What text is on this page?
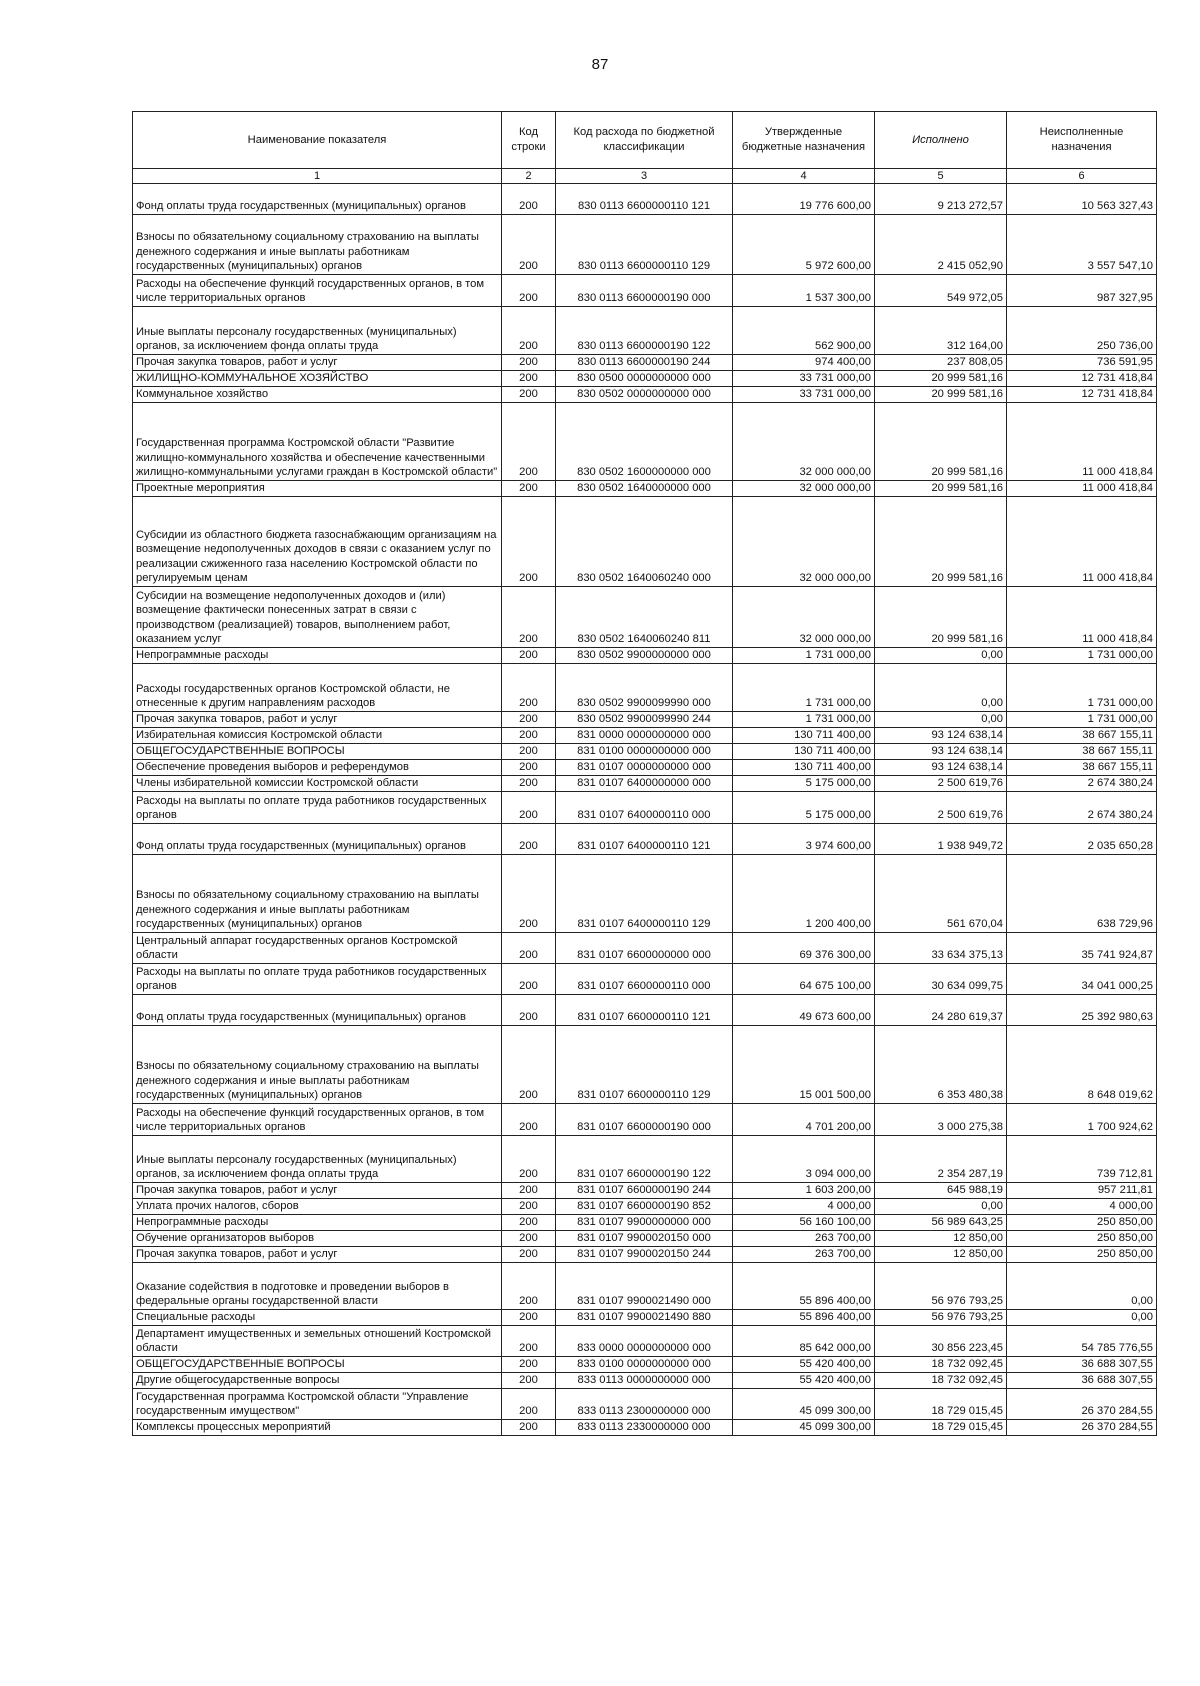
87
Наименование показателя	Код строки	Код расхода по бюджетной классификации	Утвержденные бюджетные назначения	Исполнено	Неисполненные назначения
1	2	3	4	5	6
Фонд оплаты труда государственных (муниципальных) органов	200	830 0113 6600000110 121	19 776 600,00	9 213 272,57	10 563 327,43
Взносы по обязательному социальному страхованию на выплаты денежного содержания и иные выплаты работникам государственных (муниципальных) органов	200	830 0113 6600000110 129	5 972 600,00	2 415 052,90	3 557 547,10
Расходы на обеспечение функций государственных органов, в том числе территориальных органов	200	830 0113 6600000190 000	1 537 300,00	549 972,05	987 327,95
Иные выплаты персоналу государственных (муниципальных) органов, за исключением фонда оплаты труда	200	830 0113 6600000190 122	562 900,00	312 164,00	250 736,00
Прочая закупка товаров, работ и услуг	200	830 0113 6600000190 244	974 400,00	237 808,05	736 591,95
ЖИЛИЩНО-КОММУНАЛЬНОЕ ХОЗЯЙСТВО	200	830 0500 0000000000 000	33 731 000,00	20 999 581,16	12 731 418,84
Коммунальное хозяйство	200	830 0502 0000000000 000	33 731 000,00	20 999 581,16	12 731 418,84
Государственная программа Костромской области "Развитие жилищно-коммунального хозяйства и обеспечение качественными жилищно-коммунальными услугами граждан в Костромской области"	200	830 0502 1600000000 000	32 000 000,00	20 999 581,16	11 000 418,84
Проектные мероприятия	200	830 0502 1640000000 000	32 000 000,00	20 999 581,16	11 000 418,84
Субсидии из областного бюджета газоснабжающим организациям на возмещение недополученных доходов в связи с оказанием услуг по реализации сжиженного газа населению Костромской области по регулируемым ценам	200	830 0502 1640060240 000	32 000 000,00	20 999 581,16	11 000 418,84
Субсидии на возмещение недополученных доходов и (или) возмещение фактически понесенных затрат в связи с производством (реализацией) товаров, выполнением работ, оказанием услуг	200	830 0502 1640060240 811	32 000 000,00	20 999 581,16	11 000 418,84
Непрограммные расходы	200	830 0502 9900000000 000	1 731 000,00	0,00	1 731 000,00
Расходы государственных органов Костромской области, не отнесенные к другим направлениям расходов	200	830 0502 9900099990 000	1 731 000,00	0,00	1 731 000,00
Прочая закупка товаров, работ и услуг	200	830 0502 9900099990 244	1 731 000,00	0,00	1 731 000,00
Избирательная комиссия Костромской области	200	831 0000 0000000000 000	130 711 400,00	93 124 638,14	38 667 155,11
ОБЩЕГОСУДАРСТВЕННЫЕ ВОПРОСЫ	200	831 0100 0000000000 000	130 711 400,00	93 124 638,14	38 667 155,11
Обеспечение проведения выборов и референдумов	200	831 0107 0000000000 000	130 711 400,00	93 124 638,14	38 667 155,11
Члены избирательной комиссии Костромской области	200	831 0107 6400000000 000	5 175 000,00	2 500 619,76	2 674 380,24
Расходы на выплаты по оплате труда работников государственных органов	200	831 0107 6400000110 000	5 175 000,00	2 500 619,76	2 674 380,24
Фонд оплаты труда государственных (муниципальных) органов	200	831 0107 6400000110 121	3 974 600,00	1 938 949,72	2 035 650,28
Взносы по обязательному социальному страхованию на выплаты денежного содержания и иные выплаты работникам государственных (муниципальных) органов	200	831 0107 6400000110 129	1 200 400,00	561 670,04	638 729,96
Центральный аппарат государственных органов Костромской области	200	831 0107 6600000000 000	69 376 300,00	33 634 375,13	35 741 924,87
Расходы на выплаты по оплате труда работников государственных органов	200	831 0107 6600000110 000	64 675 100,00	30 634 099,75	34 041 000,25
Фонд оплаты труда государственных (муниципальных) органов	200	831 0107 6600000110 121	49 673 600,00	24 280 619,37	25 392 980,63
Взносы по обязательному социальному страхованию на выплаты денежного содержания и иные выплаты работникам государственных (муниципальных) органов	200	831 0107 6600000110 129	15 001 500,00	6 353 480,38	8 648 019,62
Расходы на обеспечение функций государственных органов, в том числе территориальных органов	200	831 0107 6600000190 000	4 701 200,00	3 000 275,38	1 700 924,62
Иные выплаты персоналу государственных (муниципальных) органов, за исключением фонда оплаты труда	200	831 0107 6600000190 122	3 094 000,00	2 354 287,19	739 712,81
Прочая закупка товаров, работ и услуг	200	831 0107 6600000190 244	1 603 200,00	645 988,19	957 211,81
Уплата прочих налогов, сборов	200	831 0107 6600000190 852	4 000,00	0,00	4 000,00
Непрограммные расходы	200	831 0107 9900000000 000	56 160 100,00	56 989 643,25	250 850,00
Обучение организаторов выборов	200	831 0107 9900020150 000	263 700,00	12 850,00	250 850,00
Прочая закупка товаров, работ и услуг	200	831 0107 9900020150 244	263 700,00	12 850,00	250 850,00
Оказание содействия в подготовке и проведении выборов в федеральные органы государственной власти	200	831 0107 9900021490 000	55 896 400,00	56 976 793,25	0,00
Специальные расходы	200	831 0107 9900021490 880	55 896 400,00	56 976 793,25	0,00
Департамент имущественных и земельных отношений Костромской области	200	833 0000 0000000000 000	85 642 000,00	30 856 223,45	54 785 776,55
ОБЩЕГОСУДАРСТВЕННЫЕ ВОПРОСЫ	200	833 0100 0000000000 000	55 420 400,00	18 732 092,45	36 688 307,55
Другие общегосударственные вопросы	200	833 0113 0000000000 000	55 420 400,00	18 732 092,45	36 688 307,55
Государственная программа Костромской области "Управление государственным имуществом"	200	833 0113 2300000000 000	45 099 300,00	18 729 015,45	26 370 284,55
Комплексы процессных мероприятий	200	833 0113 2330000000 000	45 099 300,00	18 729 015,45	26 370 284,55
